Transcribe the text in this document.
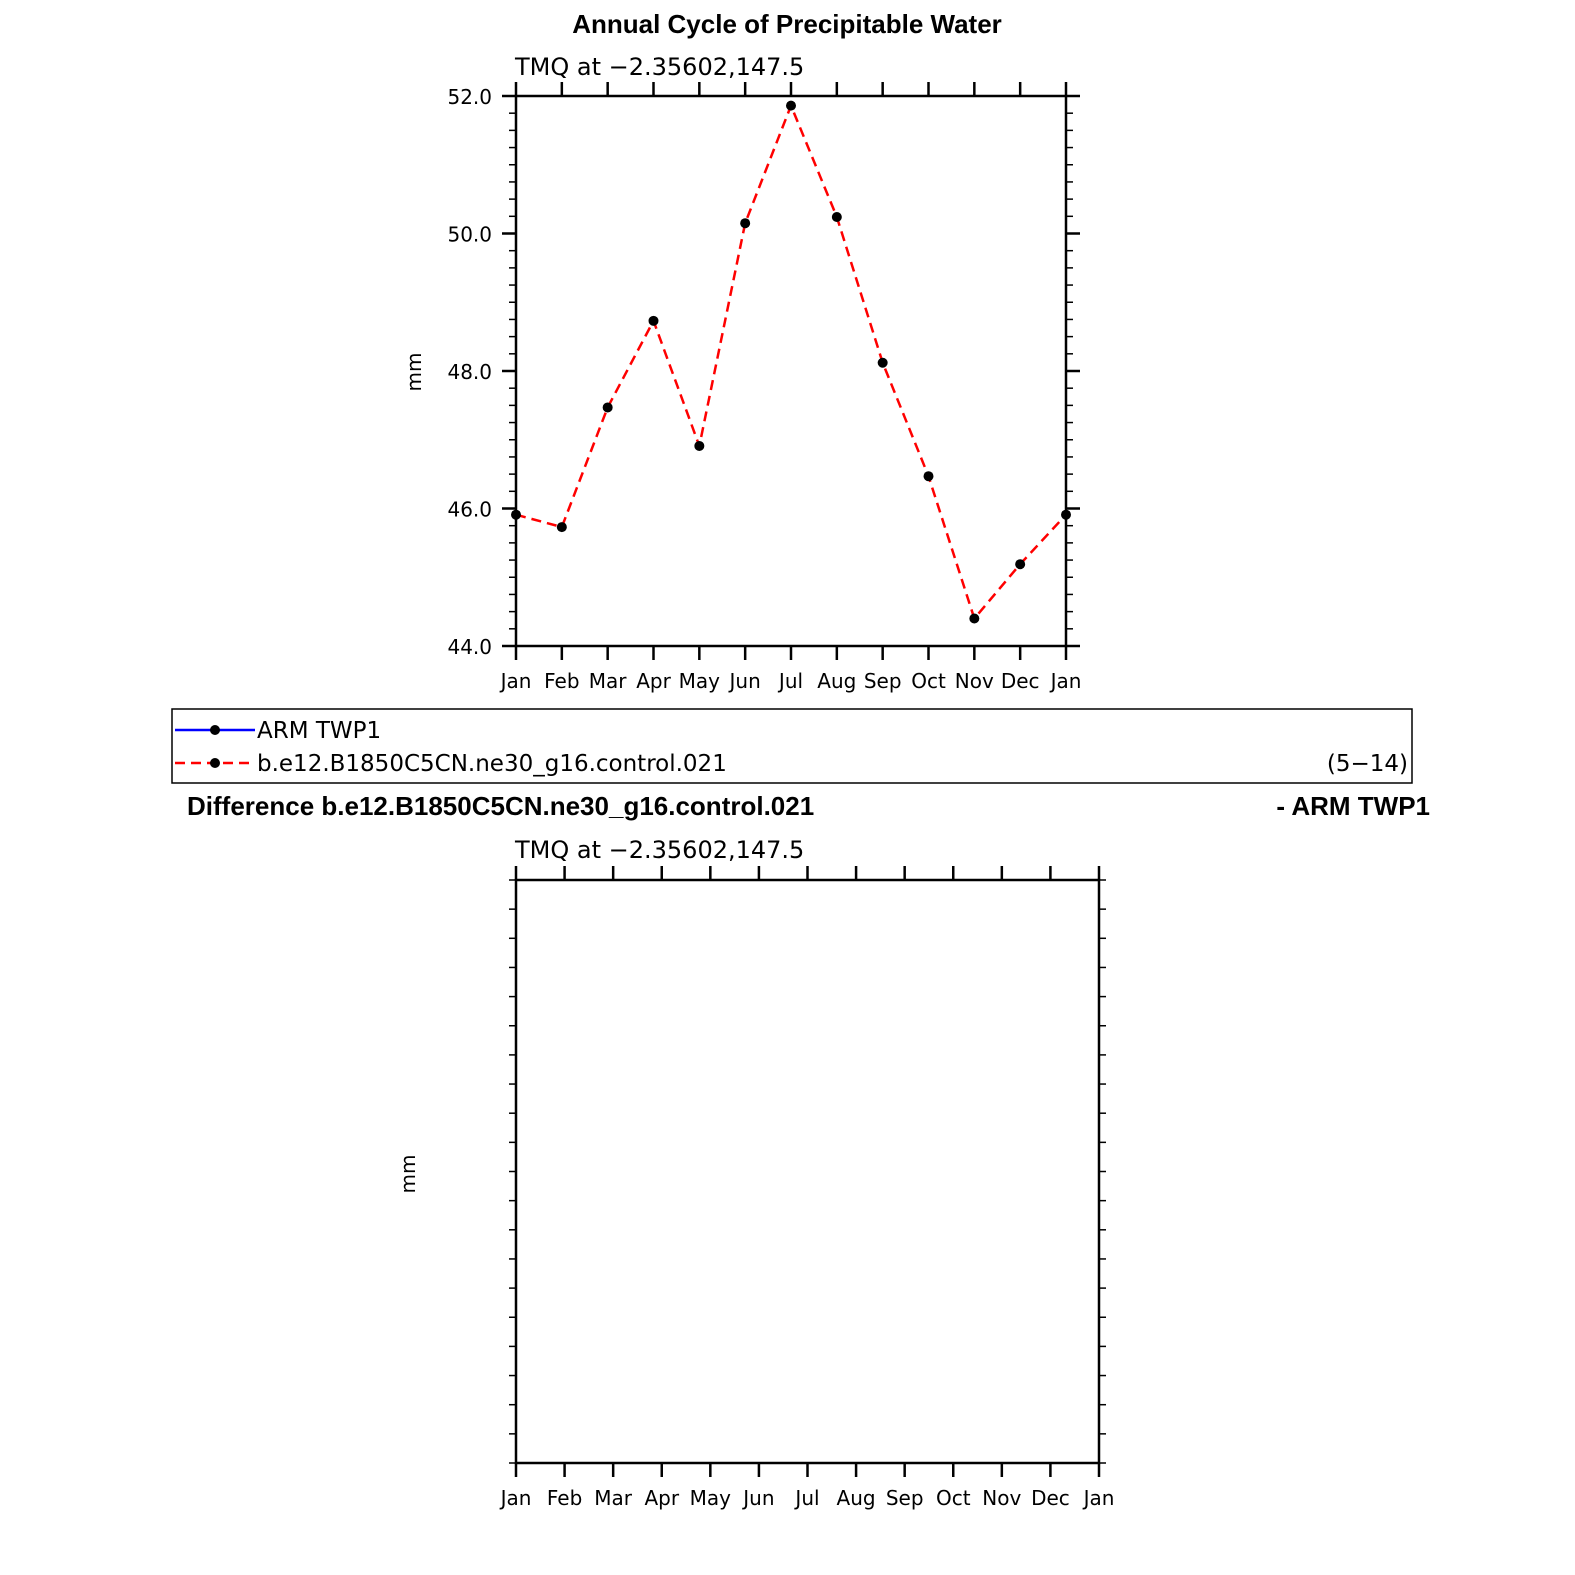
Annual Cycle of Precipitable Water
TMQ at −2.35602,147.5
Jan Feb Mar Apr May Jun Jul Aug Sep Oct Nov Dec Jan
44.0
46.0
48.0
50.0
52.0
mm
ARM TWP1
b.e12.B1850C5CN.ne30_g16.control.021	(5−14)
Difference b.e12.B1850C5CN.ne30_g16.control.021	- ARM TWP1
TMQ at −2.35602,147.5
Jan Feb Mar Apr May Jun Jul Aug Sep Oct Nov Dec Jan
mm
